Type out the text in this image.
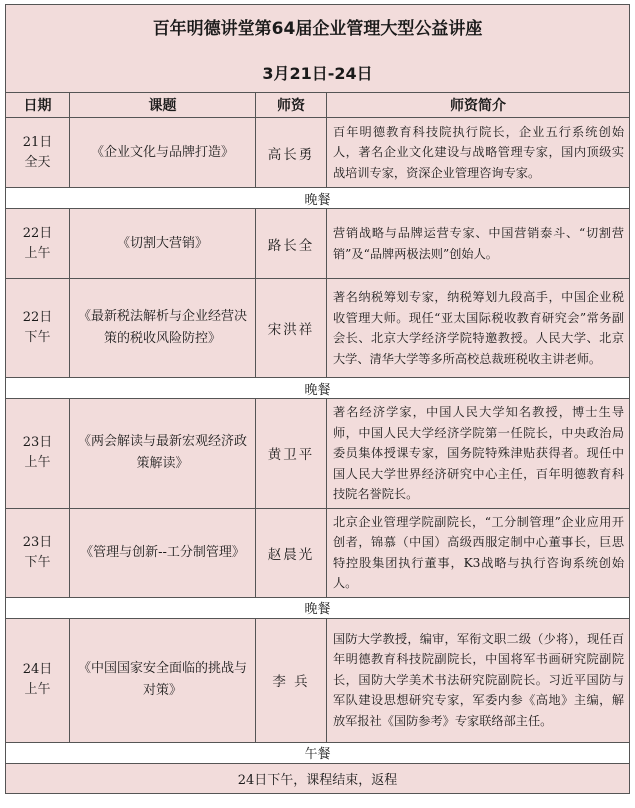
百年明德讲堂第64届企业管理大型公益讲座
3月21日-24日			

日期	课题	师资	师资简介

21日
全天	《企业文化与品牌打造》	高长勇	百年明德教育科技院执行院长，企业五行系统创始人，著名企业文化建设与战略管理专家，国内顶级实战培训专家，资深企业管理咨询专家。
晚餐			

22日
上午	《切割大营销》	路长全	营销战略与品牌运营专家、中国营销泰斗、“切割营销”及“品牌两极法则”创始人。

22日
下午	《最新税法解析与企业经营决策的税收风险防控》	宋洪祥	著名纳税筹划专家，纳税筹划九段高手，中国企业税收管理大师。现任“亚太国际税收教育研究会”常务副会长、北京大学经济学院特邀教授。人民大学、北京大学、清华大学等多所高校总裁班税收主讲老师。
晚餐			

23日
上午	《两会解读与最新宏观经济政策解读》	黄卫平	著名经济学家，中国人民大学知名教授，博士生导师，中国人民大学经济学院第一任院长，中央政治局委员集体授课专家，国务院特殊津贴获得者。现任中国人民大学世界经济研究中心主任，百年明德教育科技院名誉院长。

23日
下午	《管理与创新--工分制管理》	赵晨光	北京企业管理学院副院长，“工分制管理”企业应用开创者，锦慕（中国）高级西服定制中心董事长，巨思特控股集团执行董事，K3战略与执行咨询系统创始人。
晚餐			

24日
上午	《中国国家安全面临的挑战与对策》	李 兵	国防大学教授，编审，军衔文职二级（少将），现任百年明德教育科技院副院长，中国将军书画研究院副院长，国防大学美术书法研究院副院长。习近平国防与军队建设思想研究专家，军委内参《高地》主编，解放军报社《国防参考》专家联络部主任。
午餐			
24日下午，课程结束，返程			
